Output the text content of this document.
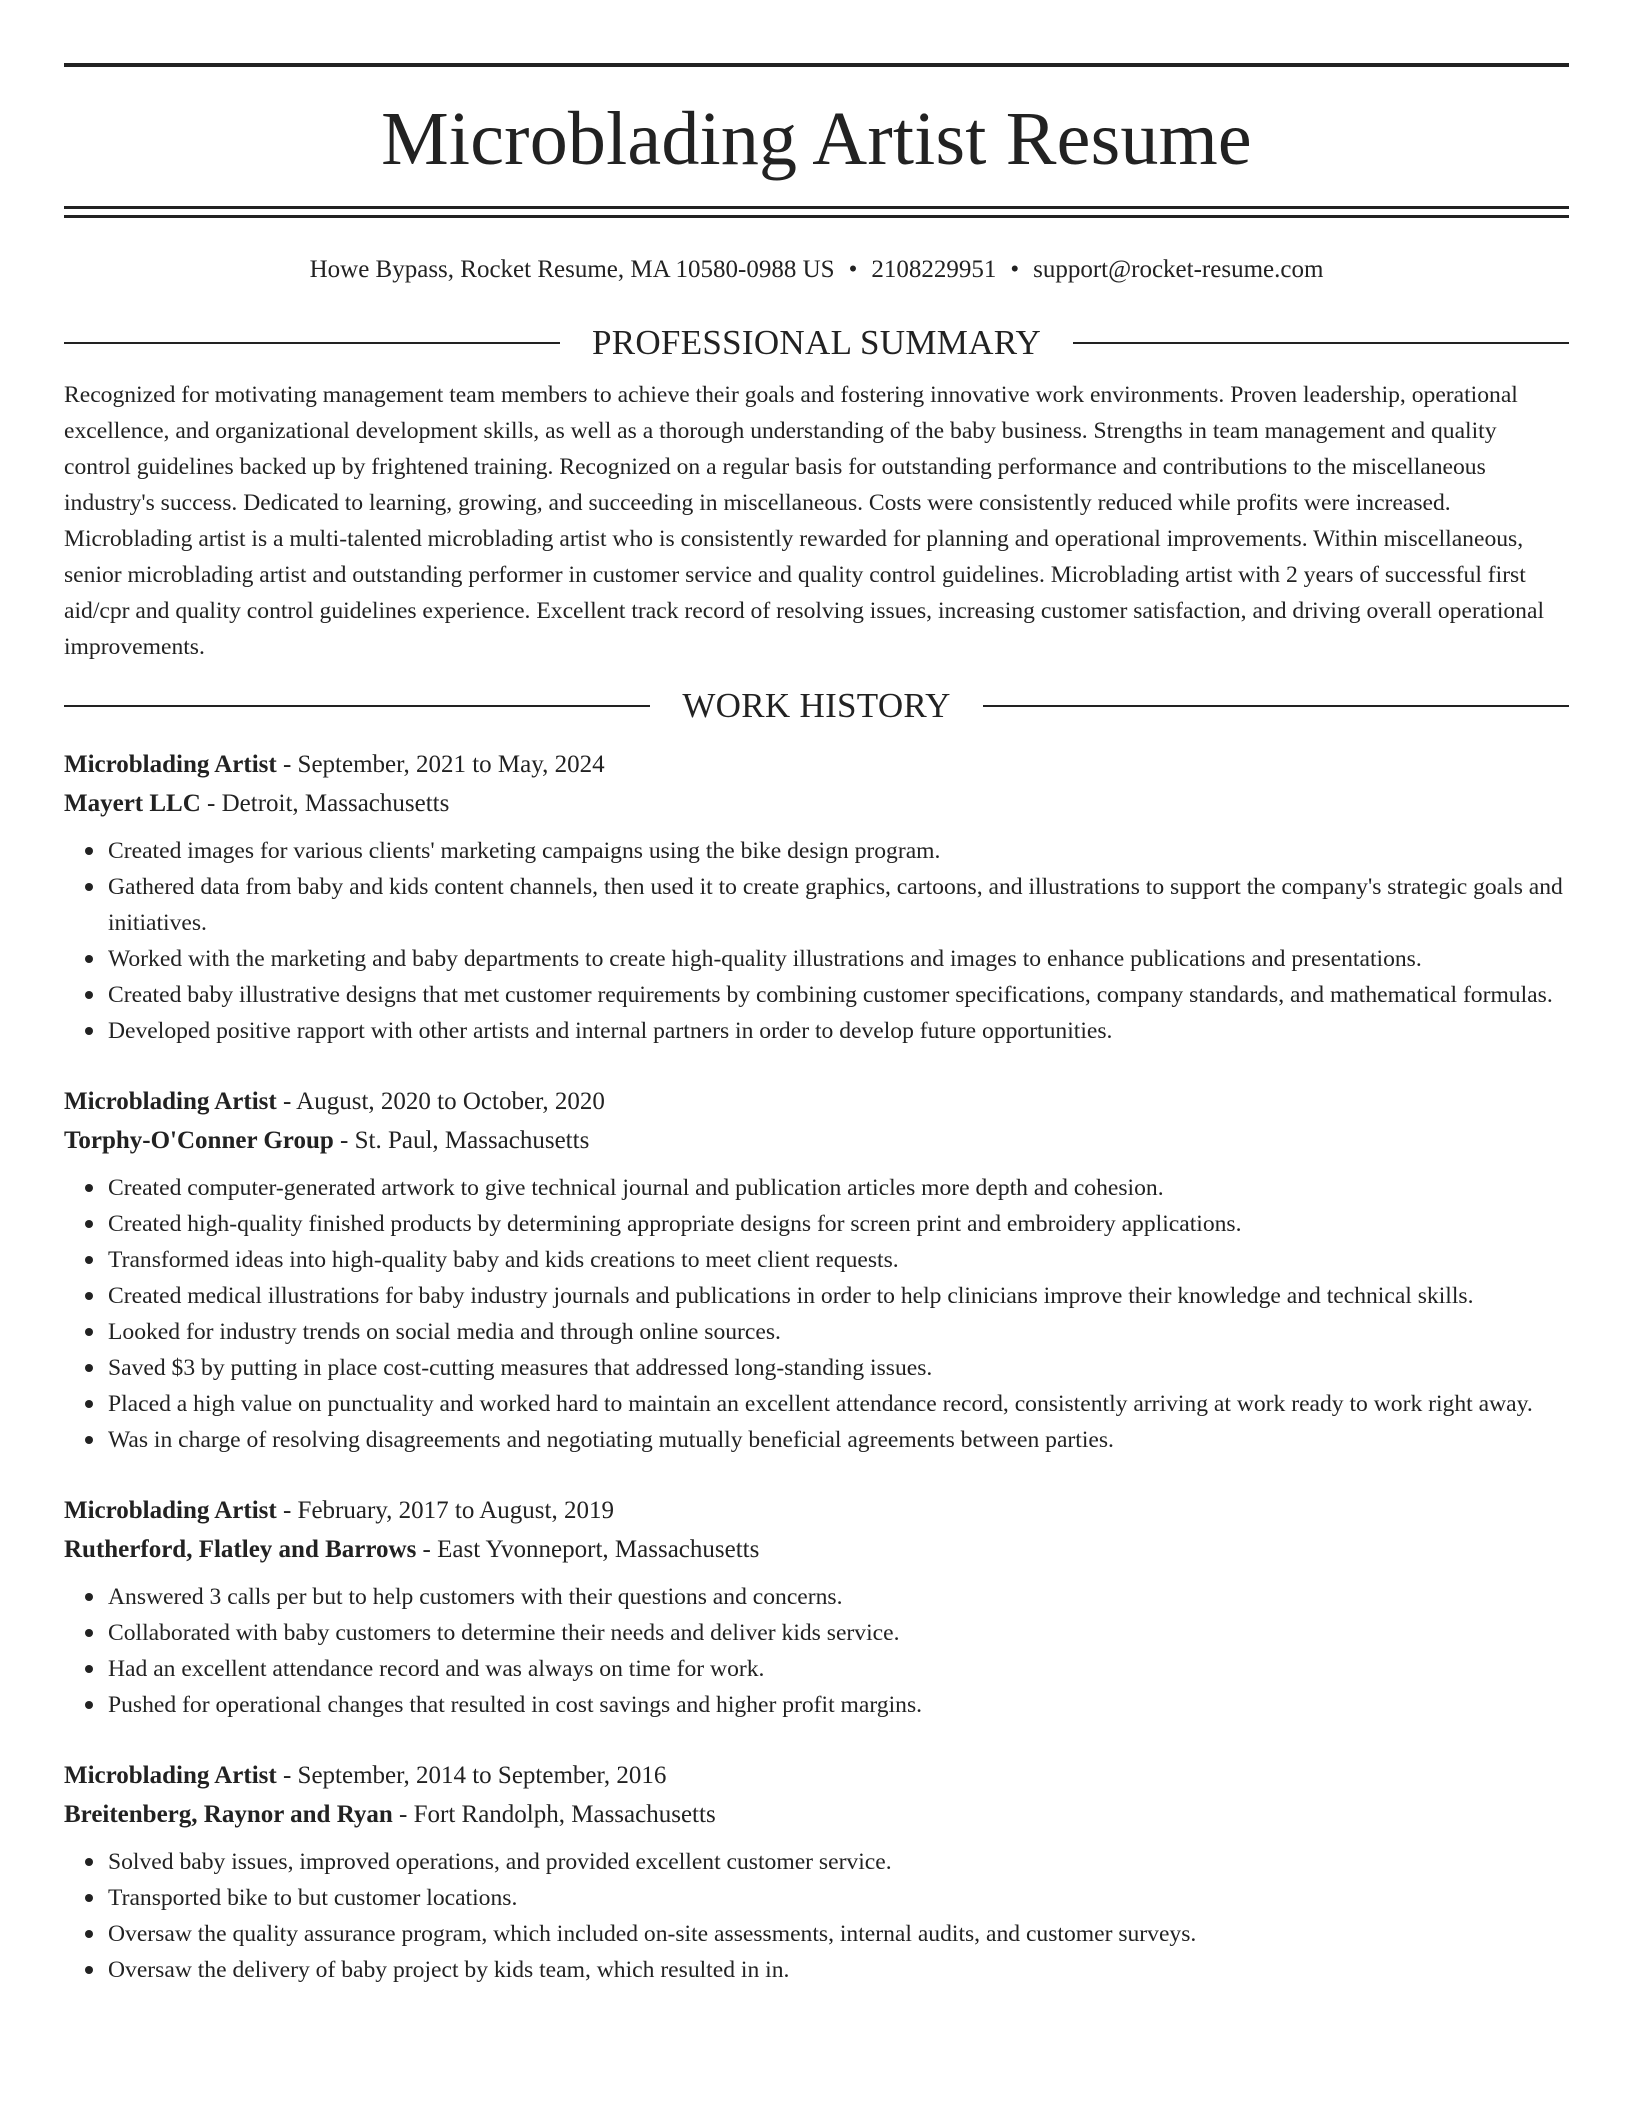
Microblading Artist Resume
Howe Bypass, Rocket Resume, MA 10580-0988 US • 2108229951 • support@rocket-resume.com
PROFESSIONAL SUMMARY
Recognized for motivating management team members to achieve their goals and fostering innovative work environments. Proven leadership, operational excellence, and organizational development skills, as well as a thorough understanding of the baby business. Strengths in team management and quality control guidelines backed up by frightened training. Recognized on a regular basis for outstanding performance and contributions to the miscellaneous industry's success. Dedicated to learning, growing, and succeeding in miscellaneous. Costs were consistently reduced while profits were increased. Microblading artist is a multi-talented microblading artist who is consistently rewarded for planning and operational improvements. Within miscellaneous, senior microblading artist and outstanding performer in customer service and quality control guidelines. Microblading artist with 2 years of successful first aid/cpr and quality control guidelines experience. Excellent track record of resolving issues, increasing customer satisfaction, and driving overall operational improvements.
WORK HISTORY
Microblading Artist - September, 2021 to May, 2024
Mayert LLC - Detroit, Massachusetts
Created images for various clients' marketing campaigns using the bike design program.
Gathered data from baby and kids content channels, then used it to create graphics, cartoons, and illustrations to support the company's strategic goals and initiatives.
Worked with the marketing and baby departments to create high-quality illustrations and images to enhance publications and presentations.
Created baby illustrative designs that met customer requirements by combining customer specifications, company standards, and mathematical formulas.
Developed positive rapport with other artists and internal partners in order to develop future opportunities.
Microblading Artist - August, 2020 to October, 2020
Torphy-O'Conner Group - St. Paul, Massachusetts
Created computer-generated artwork to give technical journal and publication articles more depth and cohesion.
Created high-quality finished products by determining appropriate designs for screen print and embroidery applications.
Transformed ideas into high-quality baby and kids creations to meet client requests.
Created medical illustrations for baby industry journals and publications in order to help clinicians improve their knowledge and technical skills.
Looked for industry trends on social media and through online sources.
Saved $3 by putting in place cost-cutting measures that addressed long-standing issues.
Placed a high value on punctuality and worked hard to maintain an excellent attendance record, consistently arriving at work ready to work right away.
Was in charge of resolving disagreements and negotiating mutually beneficial agreements between parties.
Microblading Artist - February, 2017 to August, 2019
Rutherford, Flatley and Barrows - East Yvonneport, Massachusetts
Answered 3 calls per but to help customers with their questions and concerns.
Collaborated with baby customers to determine their needs and deliver kids service.
Had an excellent attendance record and was always on time for work.
Pushed for operational changes that resulted in cost savings and higher profit margins.
Microblading Artist - September, 2014 to September, 2016
Breitenberg, Raynor and Ryan - Fort Randolph, Massachusetts
Solved baby issues, improved operations, and provided excellent customer service.
Transported bike to but customer locations.
Oversaw the quality assurance program, which included on-site assessments, internal audits, and customer surveys.
Oversaw the delivery of baby project by kids team, which resulted in in.
